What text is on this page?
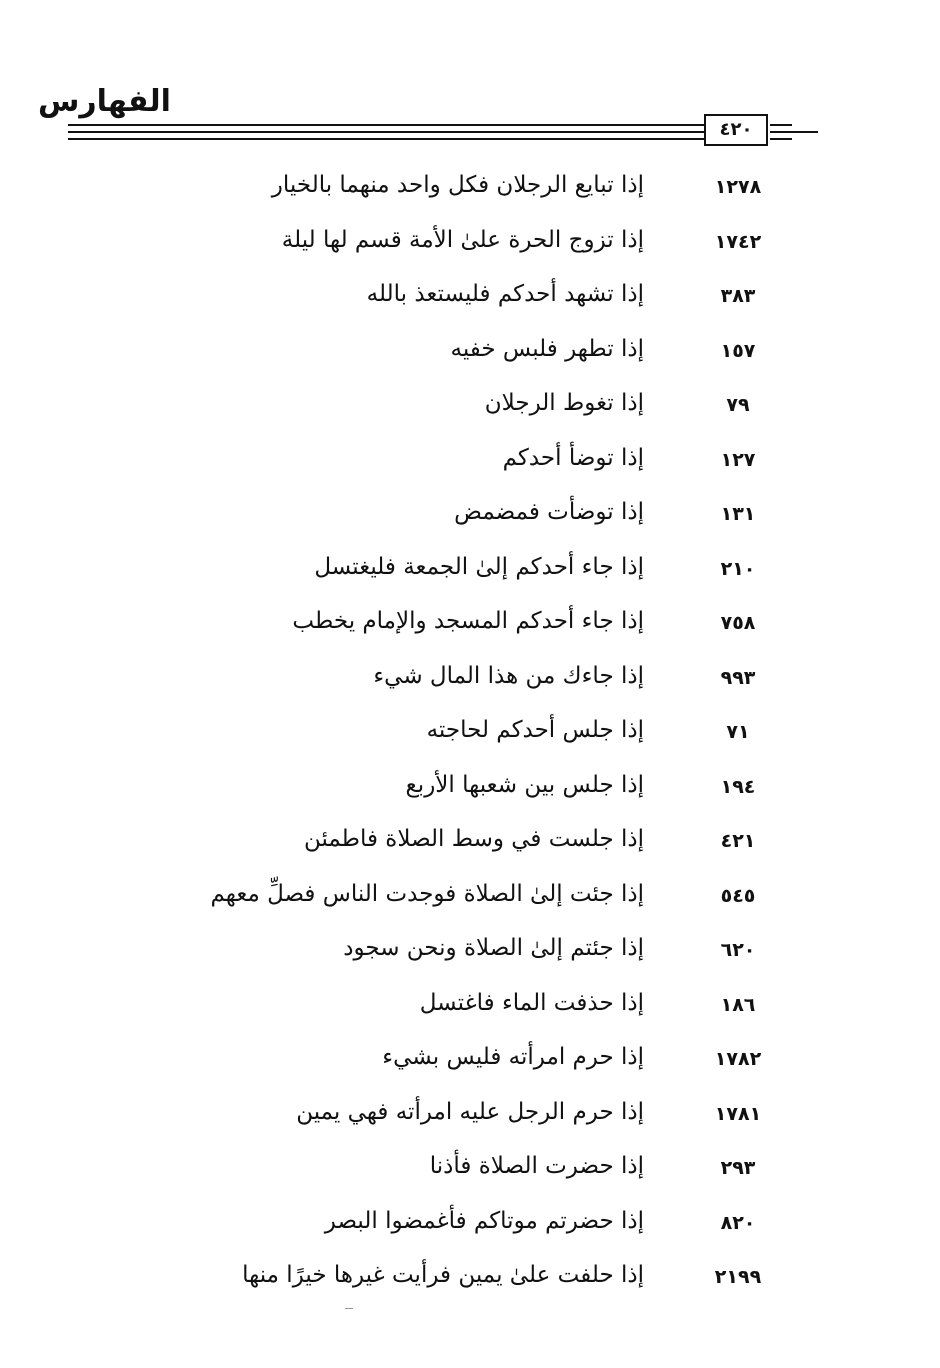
الفهارس
٤٢٠
١٢٧٨
إذا تبايع الرجلان فكل واحد منهما بالخيار
١٧٤٢
إذا تزوج الحرة علىٰ الأمة قسم لها ليلة
٣٨٣
إذا تشهد أحدكم فليستعذ بالله
١٥٧
إذا تطهر فلبس خفيه
٧٩
إذا تغوط الرجلان
١٢٧
إذا توضأ أحدكم
١٣١
إذا توضأت فمضمض
٢١٠
إذا جاء أحدكم إلىٰ الجمعة فليغتسل
٧٥٨
إذا جاء أحدكم المسجد والإمام يخطب
٩٩٣
إذا جاءك من هذا المال شيء
٧١
إذا جلس أحدكم لحاجته
١٩٤
إذا جلس بين شعبها الأربع
٤٢١
إذا جلست في وسط الصلاة فاطمئن
٥٤٥
إذا جئت إلىٰ الصلاة فوجدت الناس فصلِّ معهم
٦٢٠
إذا جئتم إلىٰ الصلاة ونحن سجود
١٨٦
إذا حذفت الماء فاغتسل
١٧٨٢
إذا حرم امرأته فليس بشيء
١٧٨١
إذا حرم الرجل عليه امرأته فهي يمين
٢٩٣
إذا حضرت الصلاة فأذنا
٨٢٠
إذا حضرتم موتاكم فأغمضوا البصر
٢١٩٩
إذا حلفت علىٰ يمين فرأيت غيرها خيرًا منها
